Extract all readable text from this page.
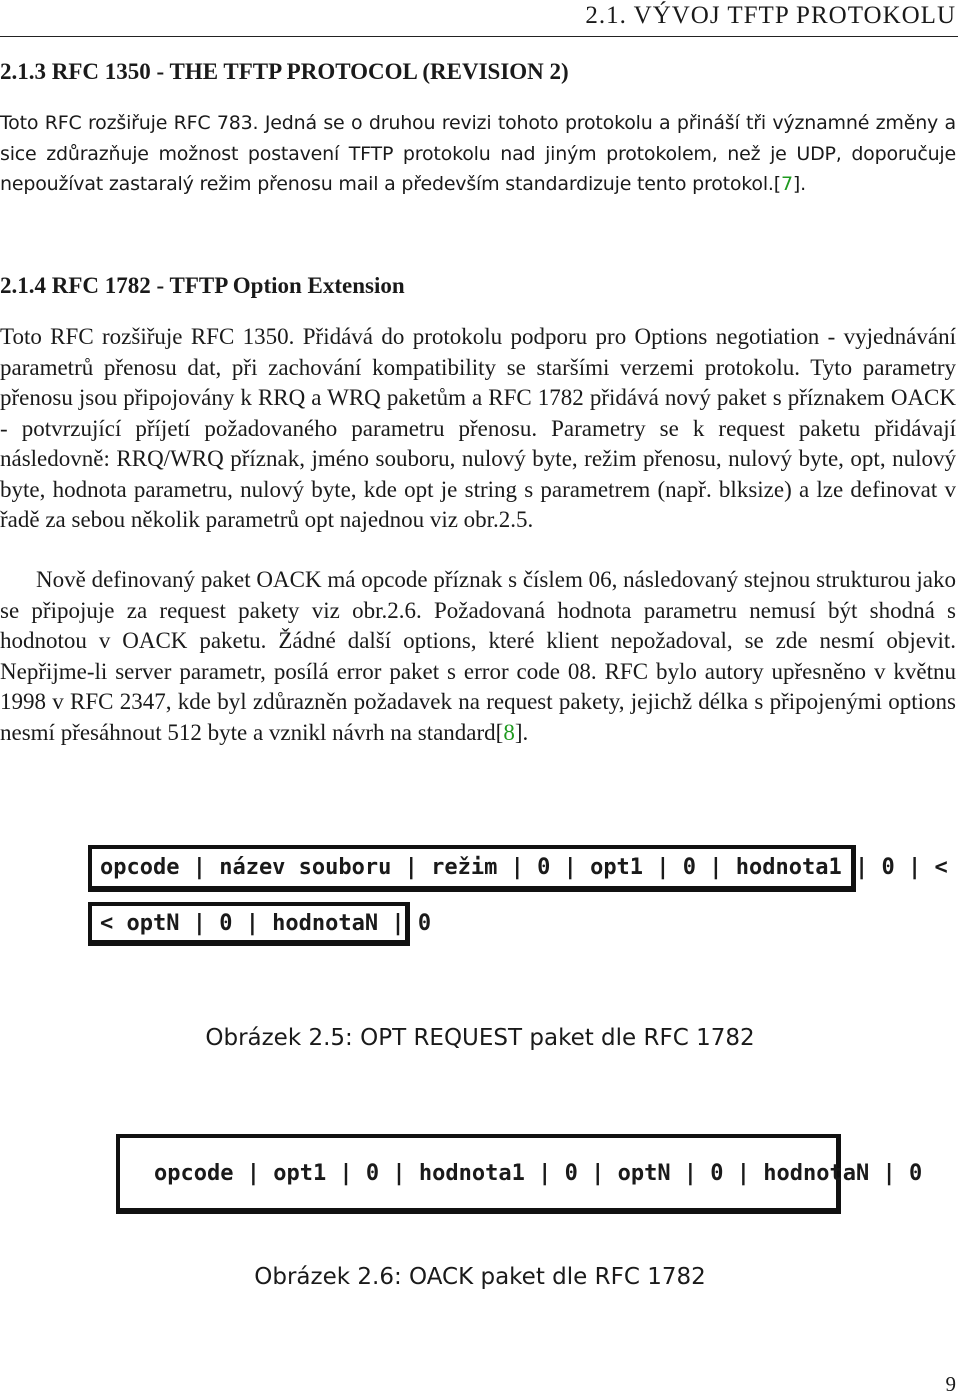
2.1. VÝVOJ TFTP PROTOKOLU
2.1.3 RFC 1350 - THE TFTP PROTOCOL (REVISION 2)

Toto RFC rozšiřuje RFC 783. Jedná se o druhou revizi tohoto protokolu a přináší tři významné změny a sice zdůrazňuje možnost postavení TFTP protokolu nad jiným protokolem, než je UDP, doporučuje nepoužívat zastaralý režim přenosu mail a především standardizuje tento protokol.[7].

2.1.4 RFC 1782 - TFTP Option Extension

Toto RFC rozšiřuje RFC 1350. Přidává do protokolu podporu pro Options negotiation - vyjednávání parametrů přenosu dat, při zachování kompatibility se staršími verzemi protokolu. Tyto parametry přenosu jsou připojovány k RRQ a WRQ paketům a RFC 1782 přidává nový paket s příznakem OACK - potvrzující příjetí požadovaného parametru přenosu. Parametry se k request paketu přidávají následovně: RRQ/WRQ příznak, jméno souboru, nulový byte, režim přenosu, nulový byte, opt, nulový byte, hodnota parametru, nulový byte, kde opt je string s parametrem (např. blksize) a lze definovat v řadě za sebou několik parametrů opt najednou viz obr.2.5.

Nově definovaný paket OACK má opcode příznak s číslem 06, následovaný stejnou strukturou jako se připojuje za request pakety viz obr.2.6. Požadovaná hodnota parametru nemusí být shodná s hodnotou v OACK paketu. Žádné další options, které klient nepožadoval, se zde nesmí objevit. Nepřijme-li server parametr, posílá error paket s error code 08. RFC bylo autory upřesněno v květnu 1998 v RFC 2347, kde byl zdůrazněn požadavek na request pakety, jejichž délka s připojenými options nesmí přesáhnout 512 byte a vznikl návrh na standard[8].

opcode | název souboru | režim | 0 | opt1 | 0 | hodnota1 | 0 | <
< optN | 0 | hodnotaN | 0

Obrázek 2.5: OPT REQUEST paket dle RFC 1782

opcode | opt1 | 0 | hodnota1 | 0 | optN | 0 | hodnotaN | 0

Obrázek 2.6: OACK paket dle RFC 1782

9
